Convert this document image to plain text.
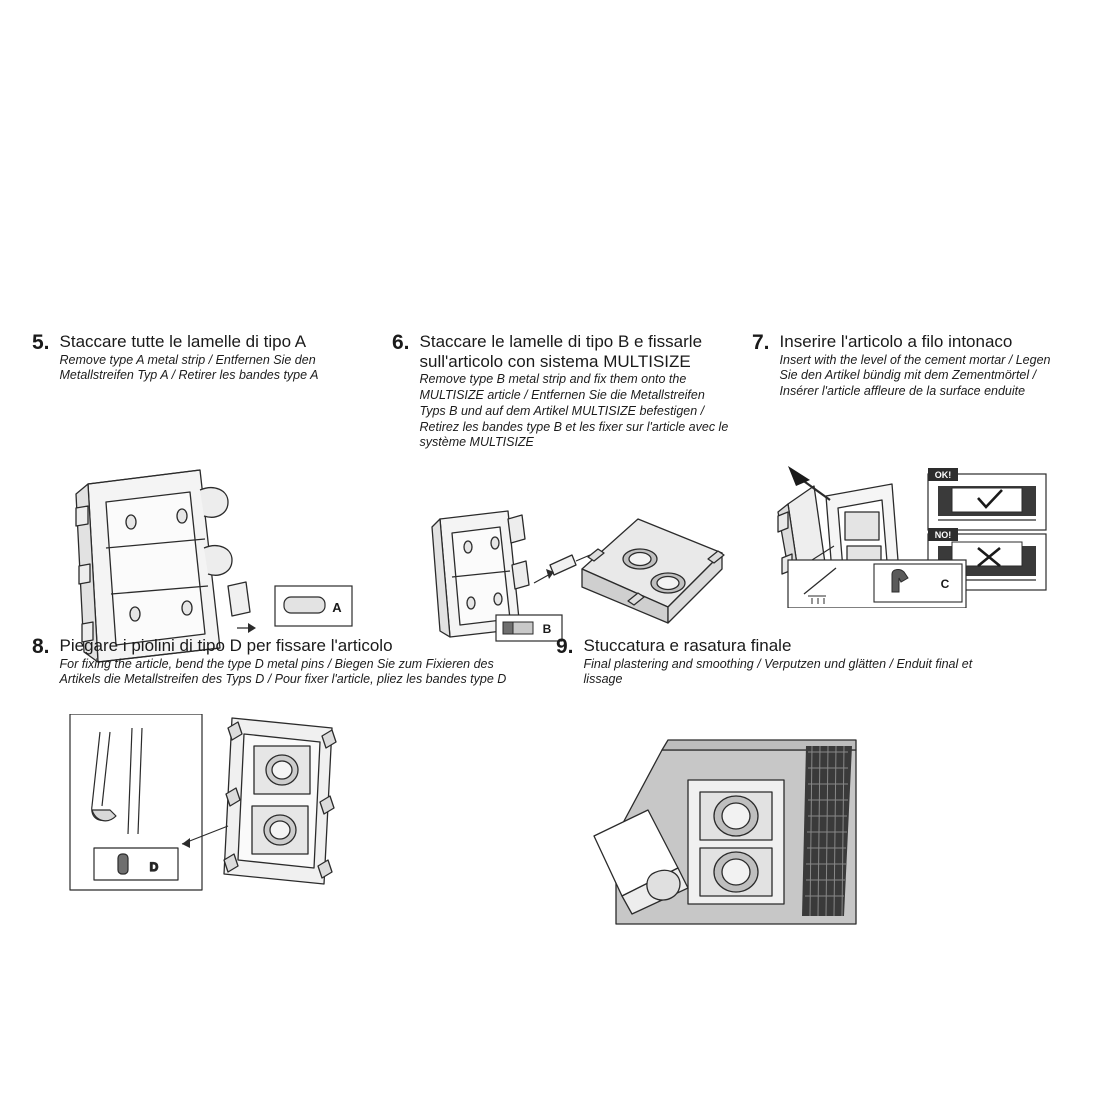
5. Staccare tutte le lamelle di tipo A

Remove type A metal strip / Entfernen Sie den Metallstreifen Typ A / Retirer les bandes type A

A
6. Staccare le lamelle di tipo B e fissarle sull'articolo con sistema MULTISIZE

Remove type B metal strip and fix them onto the MULTISIZE article / Entfernen Sie die Metallstreifen Typs B und auf dem Artikel MULTISIZE befestigen / Retirez les bandes type B et les fixer sur l'article avec le système MULTISIZE

B
7. Inserire l'articolo a filo intonaco

Insert with the level of the cement mortar / Legen Sie den Artikel bündig mit dem Zementmörtel / Insérer l'article affleure de la surface enduite

OK!
NO!
C
8. Piegare i piolini di tipo D per fissare l'articolo

For fixing the article, bend the type D metal pins / Biegen Sie zum Fixieren des Artikels die Metallstreifen des Typs D / Pour fixer l'article, pliez les bandes type D

D
9. Stuccatura e rasatura finale

Final plastering and smoothing / Verputzen und glätten / Enduit final et lissage
